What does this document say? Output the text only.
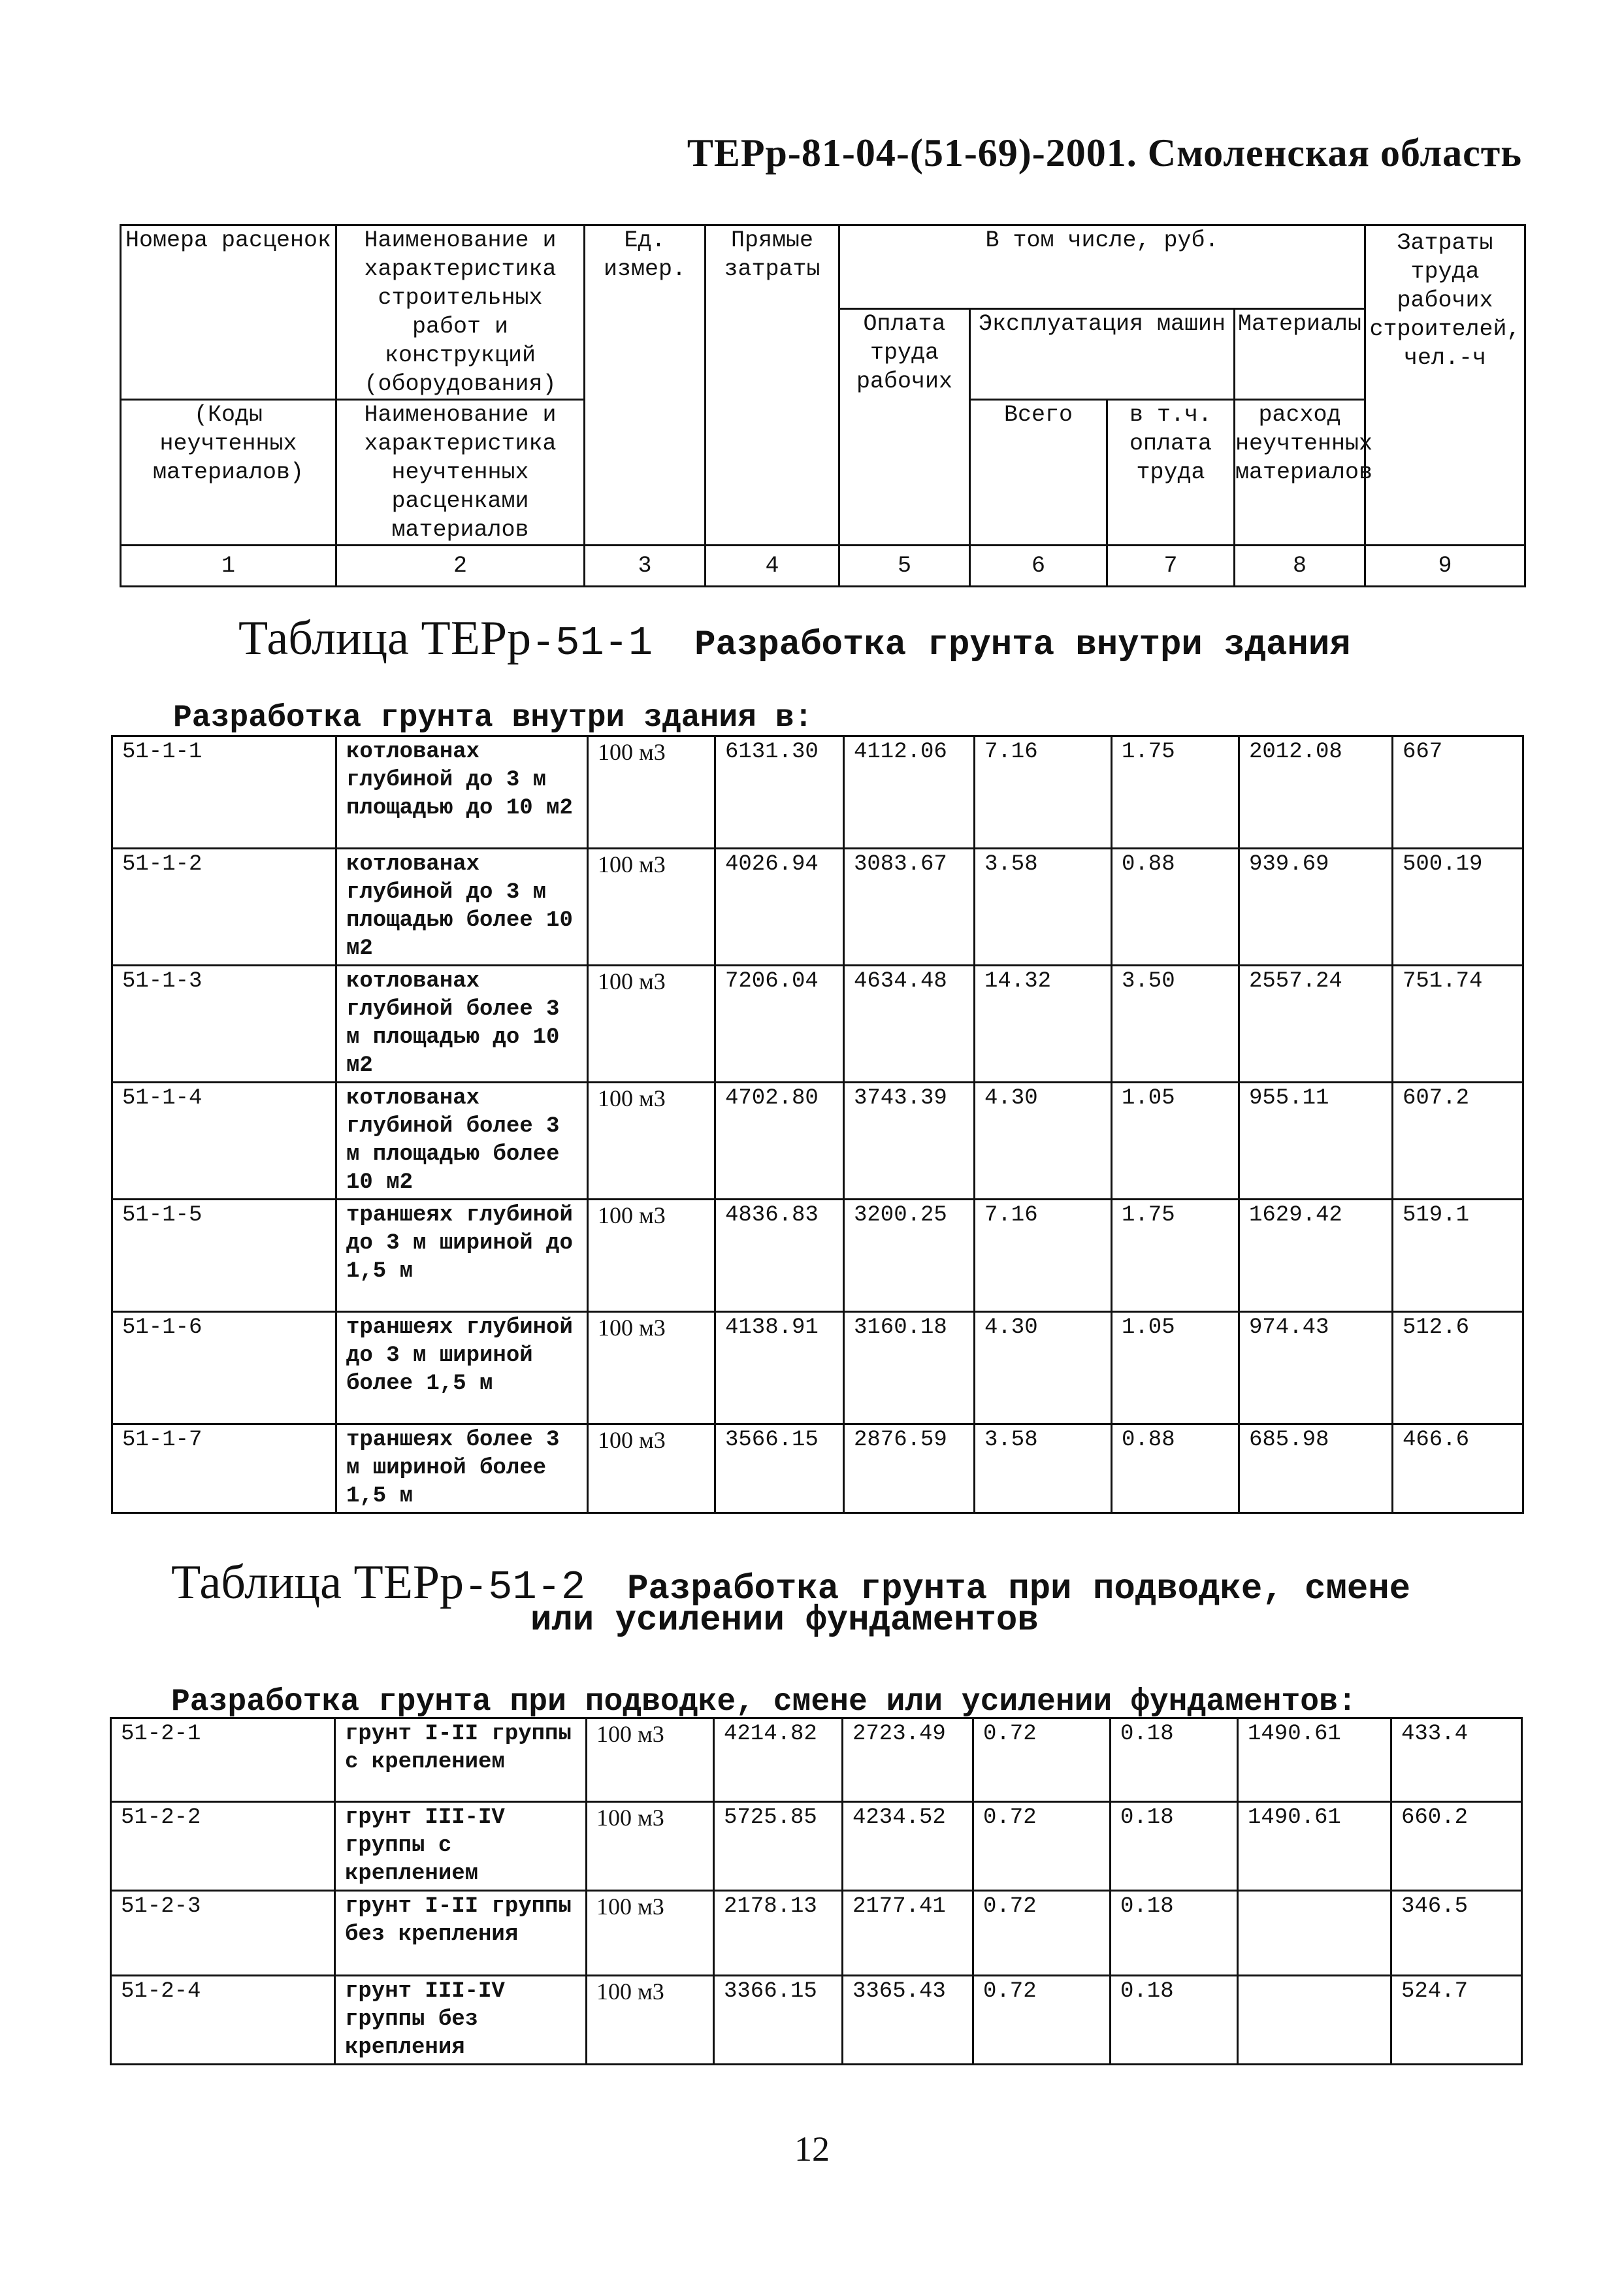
ТЕРр-81-04-(51-69)-2001. Смоленская область
Номера расценок	Наименование и характеристика строительных работ и конструкций (оборудования)	Ед. измер.	Прямые затраты	В том числе, руб.				Затраты труда рабочих строителей, чел.-ч
				Оплата труда рабочих	Эксплуатация машин		Материалы	
(Коды неучтенных материалов)	Наименование и характеристика неучтенных расценками материалов				Всего	в т.ч. оплата труда	расход неучтенных материалов	

1	2	3	4	5	6	7	8	9
Таблица ТЕРр-51-1 Разработка грунта внутри здания
Разработка грунта внутри здания в:
51-1-1	котлованах глубиной до 3 м площадью до 10 м2	100 м3	6131.30	4112.06	7.16	1.75	2012.08	667
51-1-2	котлованах глубиной до 3 м площадью более 10 м2	100 м3	4026.94	3083.67	3.58	0.88	939.69	500.19
51-1-3	котлованах глубиной более 3 м площадью до 10 м2	100 м3	7206.04	4634.48	14.32	3.50	2557.24	751.74
51-1-4	котлованах глубиной более 3 м площадью более 10 м2	100 м3	4702.80	3743.39	4.30	1.05	955.11	607.2
51-1-5	траншеях глубиной до 3 м шириной до 1,5 м	100 м3	4836.83	3200.25	7.16	1.75	1629.42	519.1
51-1-6	траншеях глубиной до 3 м шириной более 1,5 м	100 м3	4138.91	3160.18	4.30	1.05	974.43	512.6
51-1-7	траншеях более 3 м шириной более 1,5 м	100 м3	3566.15	2876.59	3.58	0.88	685.98	466.6
Таблица ТЕРр-51-2 Разработка грунта при подводке, смене
или усилении фундаментов
Разработка грунта при подводке, смене или усилении фундаментов:
51-2-1	грунт I-II группы с креплением	100 м3	4214.82	2723.49	0.72	0.18	1490.61	433.4
51-2-2	грунт III-IV группы с креплением	100 м3	5725.85	4234.52	0.72	0.18	1490.61	660.2
51-2-3	грунт I-II группы без крепления	100 м3	2178.13	2177.41	0.72	0.18		346.5
51-2-4	грунт III-IV группы без крепления	100 м3	3366.15	3365.43	0.72	0.18		524.7
12
